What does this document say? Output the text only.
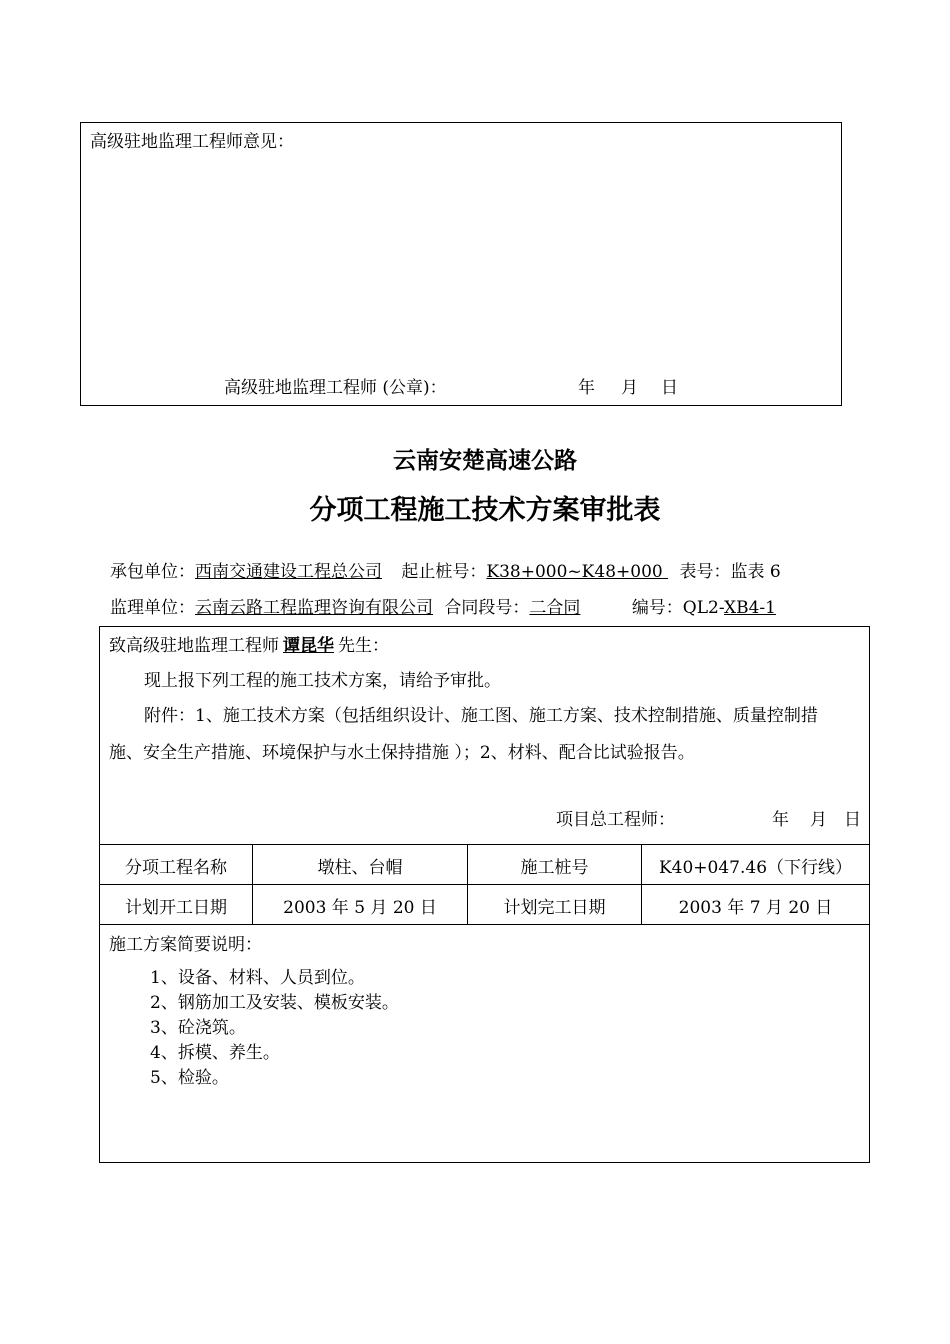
高级驻地监理工程师意见：
高级驻地监理工程师 (公章)：	年 月 日
云南安楚高速公路
分项工程施工技术方案审批表
承包单位：西南交通建设工程总公司 起止桩号：K38+000~K48+000 表号：监表 6
监理单位：云南云路工程监理咨询有限公司 合同段号：二合同	编号：QL2-XB4-1
致高级驻地监理工程师 谭昆华 先生：
现上报下列工程的施工技术方案，请给予审批。
附件：1、施工技术方案（包括组织设计、施工图、施工方案、技术控制措施、质量控制措
施、安全生产措施、环境保护与水土保持措施 ）；2、材料、配合比试验报告。
项目总工程师：	年 月 日
分项工程名称	墩柱、台帽	施工桩号	K40+047.46（下行线）
计划开工日期	2003 年 5 月 20 日	计划完工日期	2003 年 7 月 20 日
施工方案简要说明：
1、设备、材料、人员到位。
2、钢筋加工及安装、模板安装。
3、砼浇筑。
4、拆模、养生。
5、检验。
